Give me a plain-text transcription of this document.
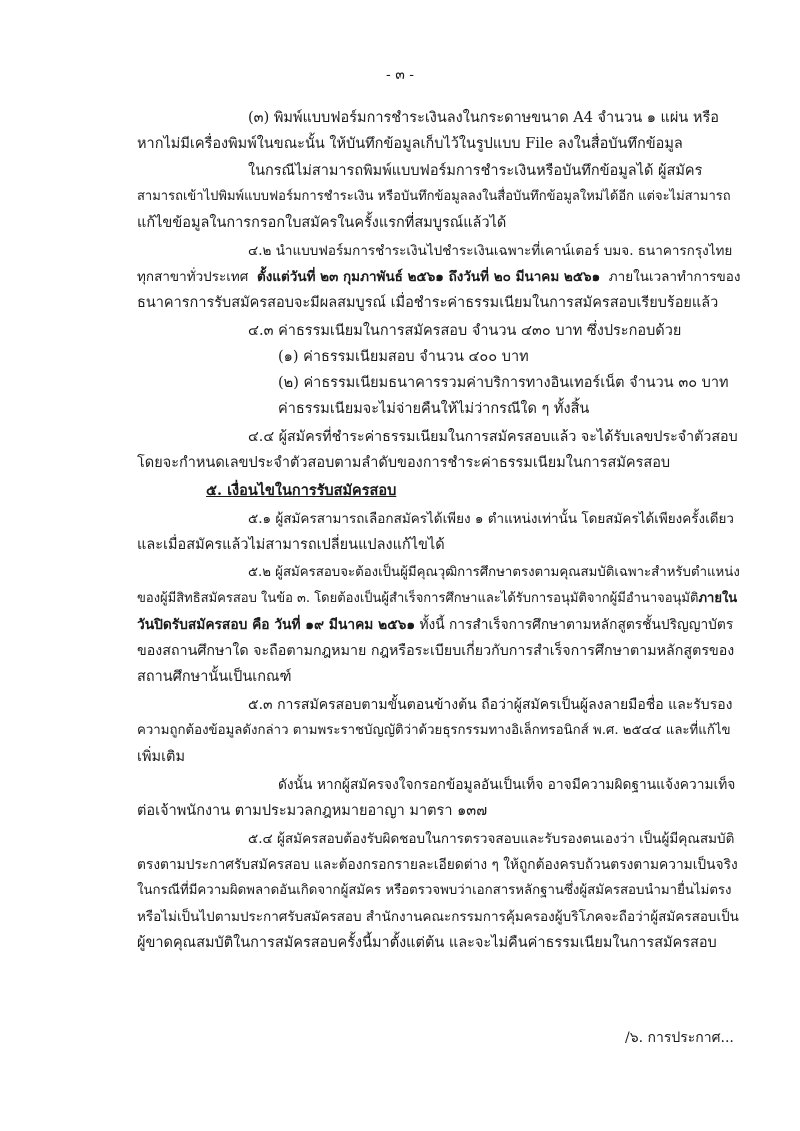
- ๓ -
(๓) พิมพ์แบบฟอร์มการชำระเงินลงในกระดาษขนาด A4 จำนวน ๑ แผ่น หรือ
หากไม่มีเครื่องพิมพ์ในขณะนั้น ให้บันทึกข้อมูลเก็บไว้ในรูปแบบ File ลงในสื่อบันทึกข้อมูล
ในกรณีไม่สามารถพิมพ์แบบฟอร์มการชำระเงินหรือบันทึกข้อมูลได้ ผู้สมัคร
สามารถเข้าไปพิมพ์แบบฟอร์มการชำระเงิน หรือบันทึกข้อมูลลงในสื่อบันทึกข้อมูลใหม่ได้อีก แต่จะไม่สามารถ
แก้ไขข้อมูลในการกรอกใบสมัครในครั้งแรกที่สมบูรณ์แล้วได้
๔.๒ นำแบบฟอร์มการชำระเงินไปชำระเงินเฉพาะที่เคาน์เตอร์ บมจ. ธนาคารกรุงไทย
ทุกสาขาทั่วประเทศ ตั้งแต่วันที่ ๒๓ กุมภาพันธ์ ๒๕๖๑ ถึงวันที่ ๒๐ มีนาคม ๒๕๖๑ ภายในเวลาทำการของ
ธนาคารการรับสมัครสอบจะมีผลสมบูรณ์ เมื่อชำระค่าธรรมเนียมในการสมัครสอบเรียบร้อยแล้ว
๔.๓ ค่าธรรมเนียมในการสมัครสอบ จำนวน ๔๓๐ บาท ซึ่งประกอบด้วย
(๑) ค่าธรรมเนียมสอบ จำนวน ๔๐๐ บาท
(๒) ค่าธรรมเนียมธนาคารรวมค่าบริการทางอินเทอร์เน็ต จำนวน ๓๐ บาท
ค่าธรรมเนียมจะไม่จ่ายคืนให้ไม่ว่ากรณีใด ๆ ทั้งสิ้น
๔.๔ ผู้สมัครที่ชำระค่าธรรมเนียมในการสมัครสอบแล้ว จะได้รับเลขประจำตัวสอบ
โดยจะกำหนดเลขประจำตัวสอบตามลำดับของการชำระค่าธรรมเนียมในการสมัครสอบ
๕. เงื่อนไขในการรับสมัครสอบ
๕.๑ ผู้สมัครสามารถเลือกสมัครได้เพียง ๑ ตำแหน่งเท่านั้น โดยสมัครได้เพียงครั้งเดียว
และเมื่อสมัครแล้วไม่สามารถเปลี่ยนแปลงแก้ไขได้
๕.๒ ผู้สมัครสอบจะต้องเป็นผู้มีคุณวุฒิการศึกษาตรงตามคุณสมบัติเฉพาะสำหรับตำแหน่ง
ของผู้มีสิทธิสมัครสอบ ในข้อ ๓. โดยต้องเป็นผู้สำเร็จการศึกษาและได้รับการอนุมัติจากผู้มีอำนาจอนุมัติภายใน
วันปิดรับสมัครสอบ คือ วันที่ ๑๙ มีนาคม ๒๕๖๑ ทั้งนี้ การสำเร็จการศึกษาตามหลักสูตรชั้นปริญญาบัตร
ของสถานศึกษาใด จะถือตามกฎหมาย กฎหรือระเบียบเกี่ยวกับการสำเร็จการศึกษาตามหลักสูตรของ
สถานศึกษานั้นเป็นเกณฑ์
๕.๓ การสมัครสอบตามขั้นตอนข้างต้น ถือว่าผู้สมัครเป็นผู้ลงลายมือชื่อ และรับรอง
ความถูกต้องข้อมูลดังกล่าว ตามพระราชบัญญัติว่าด้วยธุรกรรมทางอิเล็กทรอนิกส์ พ.ศ. ๒๕๔๔ และที่แก้ไข
เพิ่มเติม
ดังนั้น หากผู้สมัครจงใจกรอกข้อมูลอันเป็นเท็จ อาจมีความผิดฐานแจ้งความเท็จ
ต่อเจ้าพนักงาน ตามประมวลกฎหมายอาญา มาตรา ๑๓๗
๕.๔ ผู้สมัครสอบต้องรับผิดชอบในการตรวจสอบและรับรองตนเองว่า เป็นผู้มีคุณสมบัติ
ตรงตามประกาศรับสมัครสอบ และต้องกรอกรายละเอียดต่าง ๆ ให้ถูกต้องครบถ้วนตรงตามความเป็นจริง
ในกรณีที่มีความผิดพลาดอันเกิดจากผู้สมัคร หรือตรวจพบว่าเอกสารหลักฐานซึ่งผู้สมัครสอบนำมายื่นไม่ตรง
หรือไม่เป็นไปตามประกาศรับสมัครสอบ สำนักงานคณะกรรมการคุ้มครองผู้บริโภคจะถือว่าผู้สมัครสอบเป็น
ผู้ขาดคุณสมบัติในการสมัครสอบครั้งนี้มาตั้งแต่ต้น และจะไม่คืนค่าธรรมเนียมในการสมัครสอบ
/๖. การประกาศ...
